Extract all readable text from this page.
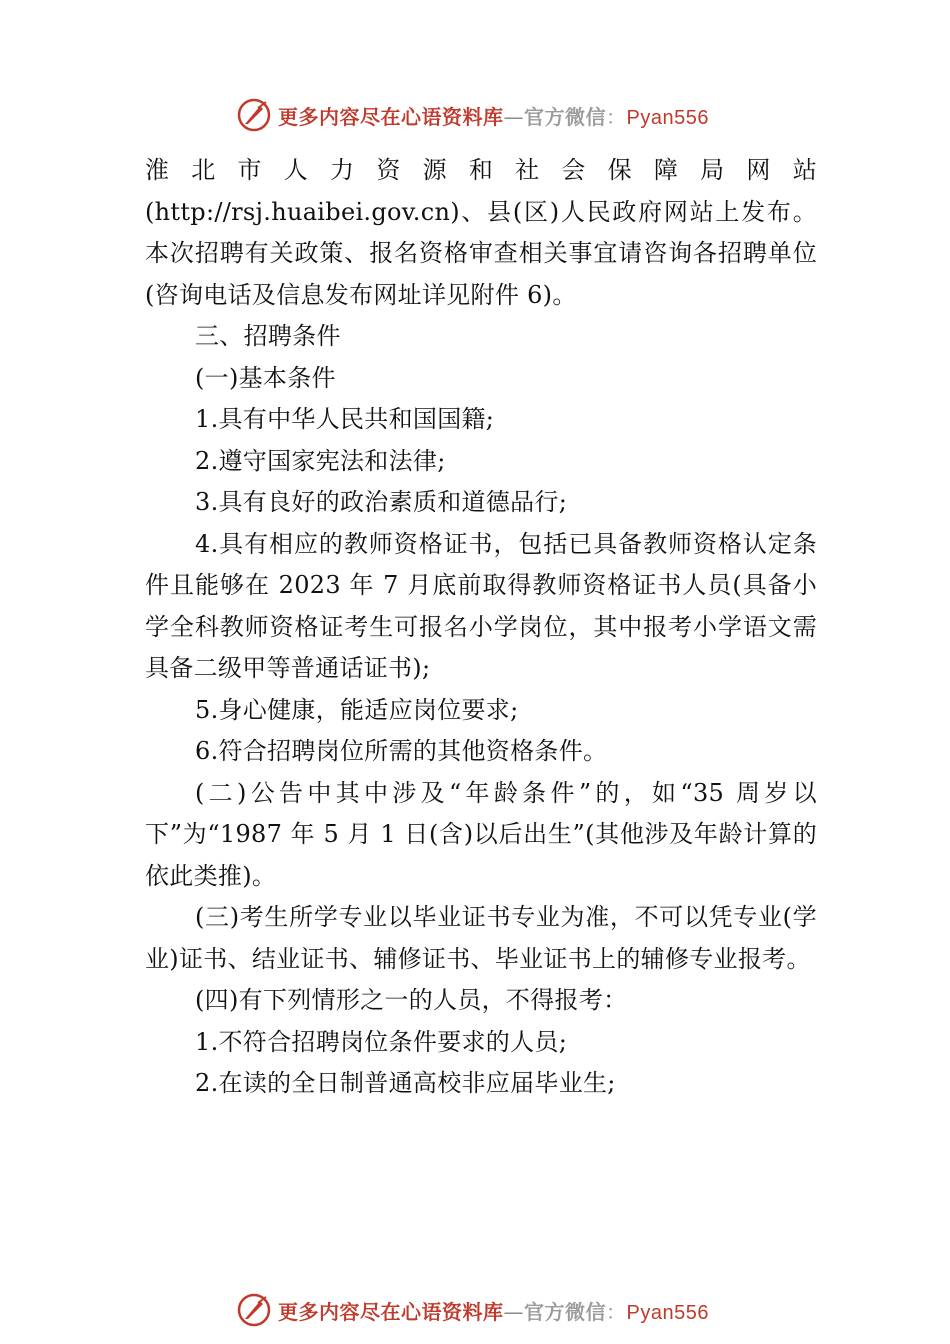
更多内容尽在心语资料库—官方微信：Pyan556

淮北市人力资源和社会保障局网站(http://rsj.huaibei.gov.cn)、县(区)人民政府网站上发布。本次招聘有关政策、报名资格审查相关事宜请咨询各招聘单位(咨询电话及信息发布网址详见附件 6)。

三、招聘条件

(一)基本条件

1.具有中华人民共和国国籍;

2.遵守国家宪法和法律;

3.具有良好的政治素质和道德品行;

4.具有相应的教师资格证书，包括已具备教师资格认定条件且能够在 2023 年 7 月底前取得教师资格证书人员(具备小学全科教师资格证考生可报名小学岗位，其中报考小学语文需具备二级甲等普通话证书);

5.身心健康，能适应岗位要求;

6.符合招聘岗位所需的其他资格条件。

(二)公告中其中涉及“年龄条件”的，如“35 周岁以下”为“1987 年 5 月 1 日(含)以后出生”(其他涉及年龄计算的依此类推)。

(三)考生所学专业以毕业证书专业为准，不可以凭专业(学业)证书、结业证书、辅修证书、毕业证书上的辅修专业报考。

(四)有下列情形之一的人员，不得报考：

1.不符合招聘岗位条件要求的人员;

2.在读的全日制普通高校非应届毕业生;

更多内容尽在心语资料库—官方微信：Pyan556
